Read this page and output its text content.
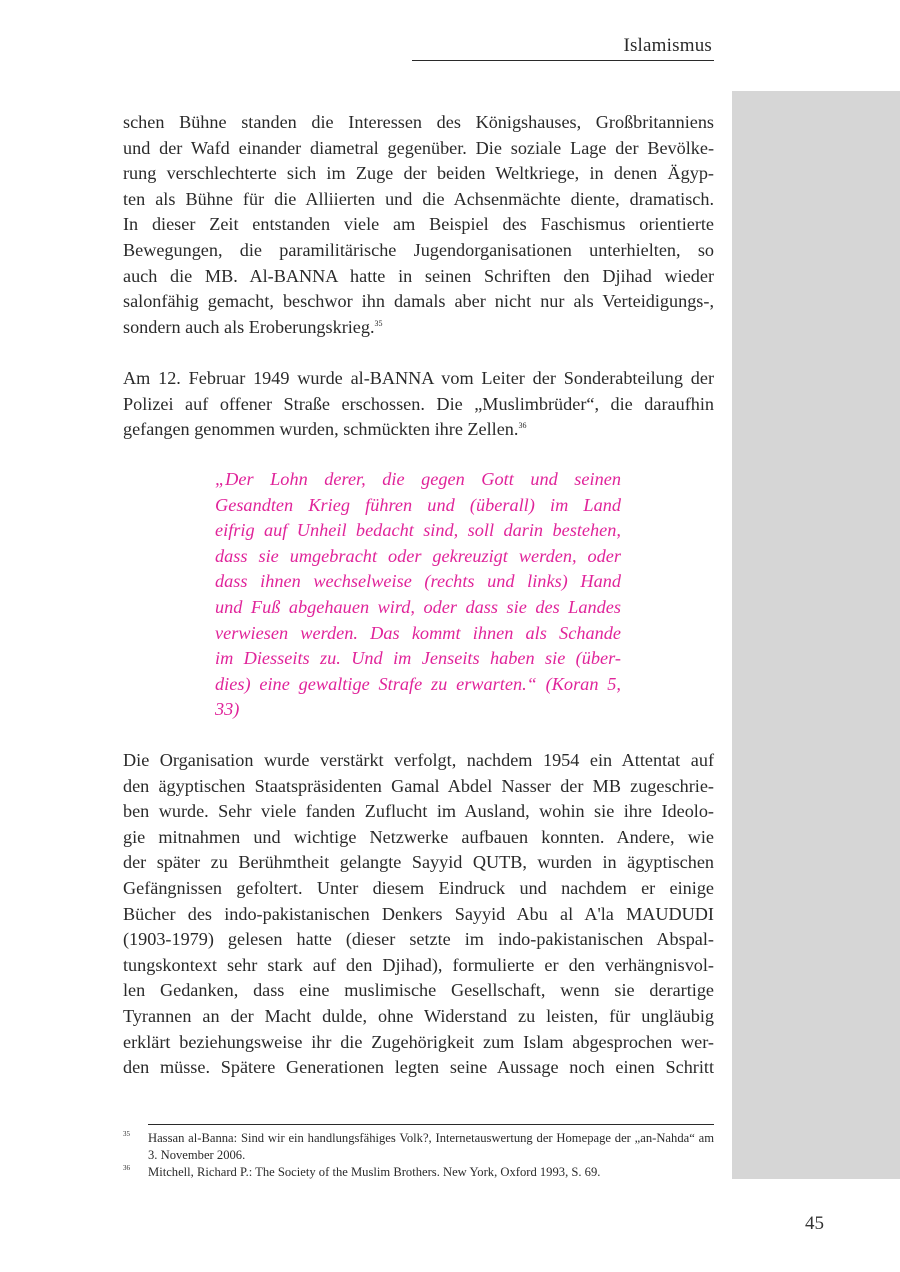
Islamismus

schen Bühne standen die Interessen des Königshauses, Großbritanniens
und der Wafd einander diametral gegenüber. Die soziale Lage der Bevölke-
rung verschlechterte sich im Zuge der beiden Weltkriege, in denen Ägyp-
ten als Bühne für die Alliierten und die Achsenmächte diente, dramatisch.
In dieser Zeit entstanden viele am Beispiel des Faschismus orientierte
Bewegungen, die paramilitärische Jugendorganisationen unterhielten, so
auch die MB. Al-BANNA hatte in seinen Schriften den Djihad wieder
salonfähig gemacht, beschwor ihn damals aber nicht nur als Verteidigungs-,
sondern auch als Eroberungskrieg.$^{35}$

Am 12. Februar 1949 wurde al-BANNA vom Leiter der Sonderabteilung der
Polizei auf offener Straße erschossen. Die „Muslimbrüder“, die daraufhin
gefangen genommen wurden, schmückten ihre Zellen.$^{36}$

„Der Lohn derer, die gegen Gott und seinen
Gesandten Krieg führen und (überall) im Land
eifrig auf Unheil bedacht sind, soll darin bestehen,
dass sie umgebracht oder gekreuzigt werden, oder
dass ihnen wechselweise (rechts und links) Hand
und Fuß abgehauen wird, oder dass sie des Landes
verwiesen werden. Das kommt ihnen als Schande
im Diesseits zu. Und im Jenseits haben sie (über-
dies) eine gewaltige Strafe zu erwarten.“ (Koran 5,
33)

Die Organisation wurde verstärkt verfolgt, nachdem 1954 ein Attentat auf
den ägyptischen Staatspräsidenten Gamal Abdel Nasser der MB zugeschrie-
ben wurde. Sehr viele fanden Zuflucht im Ausland, wohin sie ihre Ideolo-
gie mitnahmen und wichtige Netzwerke aufbauen konnten. Andere, wie
der später zu Berühmtheit gelangte Sayyid QUTB, wurden in ägyptischen
Gefängnissen gefoltert. Unter diesem Eindruck und nachdem er einige
Bücher des indo-pakistanischen Denkers Sayyid Abu al A'la MAUDUDI
(1903-1979) gelesen hatte (dieser setzte im indo-pakistanischen Abspal-
tungskontext sehr stark auf den Djihad), formulierte er den verhängnisvol-
len Gedanken, dass eine muslimische Gesellschaft, wenn sie derartige
Tyrannen an der Macht dulde, ohne Widerstand zu leisten, für ungläubig
erklärt beziehungsweise ihr die Zugehörigkeit zum Islam abgesprochen wer-
den müsse. Spätere Generationen legten seine Aussage noch einen Schritt

35 Hassan al-Banna: Sind wir ein handlungsfähiges Volk?, Internetauswertung der Homepage der „an-Nahda“ am 3. November 2006.
36 Mitchell, Richard P.: The Society of the Muslim Brothers. New York, Oxford 1993, S. 69.
45
